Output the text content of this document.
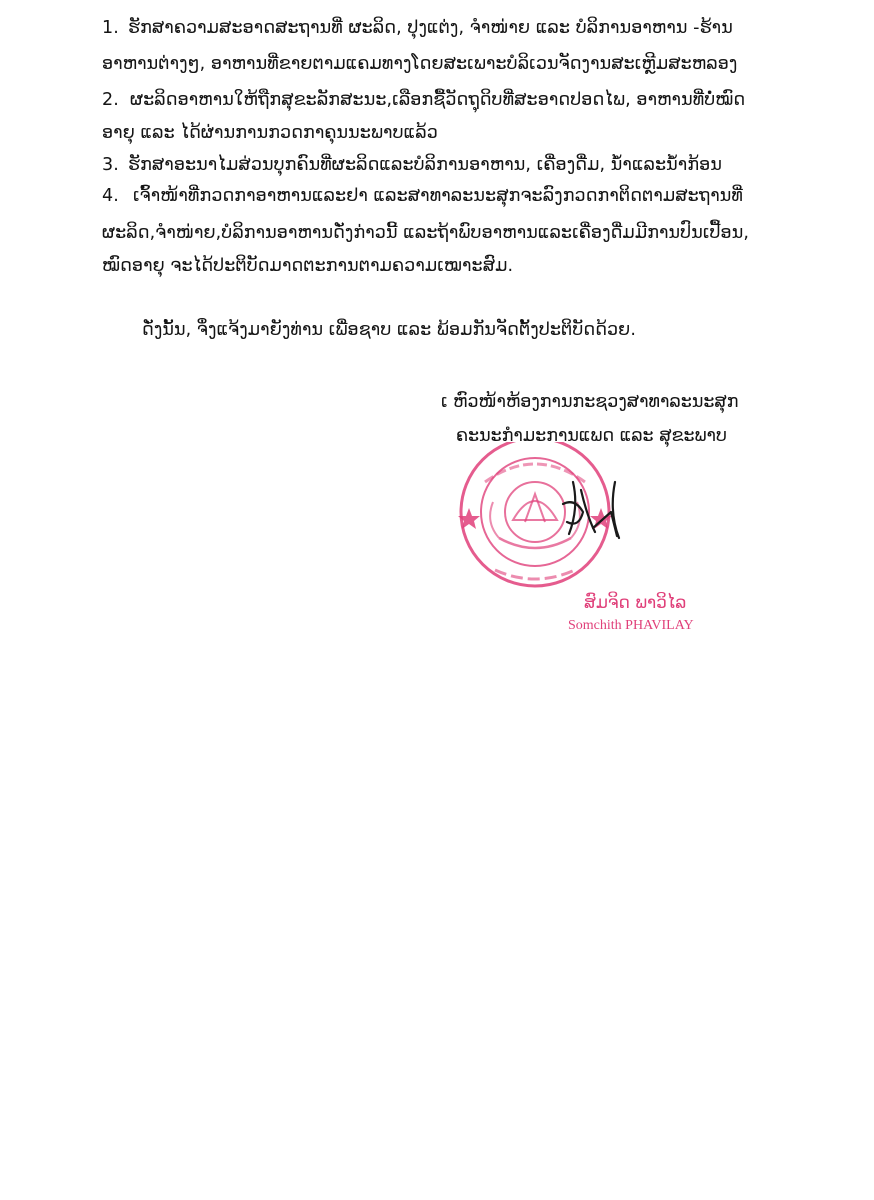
1. ຮັກສາຄວາມສະອາດສະຖານທີ່ ຜະລິດ, ປຸງແຕ່ງ, ຈໍາໜ່າຍ ແລະ ບໍລິການອາຫານ -ຮ້ານ
ອາຫານຕ່າງໆ, ອາຫານທີ່ຂາຍຕາມແຄມທາງໂດຍສະເພາະບໍລິເວນຈັດງານສະເຫຼີມສະຫລອງ
2. ຜະລິດອາຫານໃຫ້ຖືກສຸຂະລັກສະນະ,ເລືອກຊື້ວັດຖຸດິບທີ່ສະອາດປອດໄພ, ອາຫານທີ່ບໍ່ໝົດ
ອາຍຸ ແລະ ໄດ້ຜ່ານການກວດກາຄຸນນະພາບແລ້ວ
3. ຮັກສາອະນາໄມສ່ວນບຸກຄົນທີ່ຜະລິດແລະບໍລິການອາຫານ, ເຄື່ອງດື່ມ, ນໍ້າແລະນໍ້າກ້ອນ
4. ເຈົ້າໜ້າທີ່ກວດກາອາຫານແລະຢາ ແລະສາທາລະນະສຸກຈະລົງກວດກາຕິດຕາມສະຖານທີ່
ຜະລິດ,ຈໍາໜ່າຍ,ບໍລິການອາຫານດັ່ງກ່າວນີ້ ແລະຖ້າພົບອາຫານແລະເຄື່ອງດື່ມມີການປົນເປື້ອນ,
ໝົດອາຍຸ ຈະໄດ້ປະຕິບັດມາດຕະການຕາມຄວາມເໝາະສົມ.
ດັ່ງນັ້ນ, ຈຶ່ງແຈ້ງມາຍັງທ່ານ ເພື່ອຊາບ ແລະ ພ້ອມກັນຈັດຕັ້ງປະຕິບັດດ້ວຍ.
ເ ຫົວໜ້າຫ້ອງການກະຊວງສາທາລະນະສຸກ
ຄະນະກໍາມະການແພດ ແລະ ສຸຂະພາບ
ສົມຈິດ ພາວິໄລ
Somchith PHAVILAY
